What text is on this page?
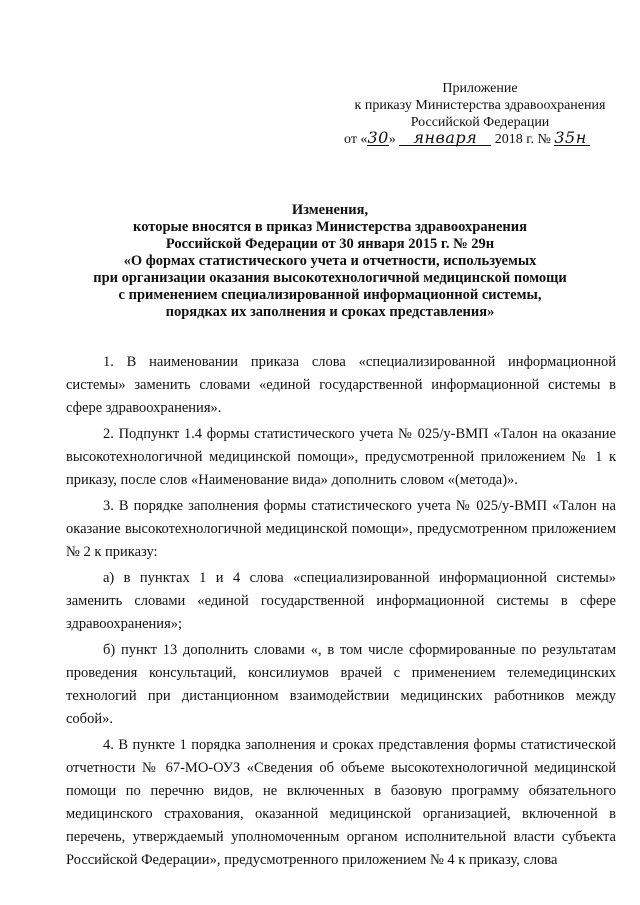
Приложение
к приказу Министерства здравоохранения
Российской Федерации
от «30» января 2018 г. № 35н
Изменения,
которые вносятся в приказ Министерства здравоохранения
Российской Федерации от 30 января 2015 г. № 29н
«О формах статистического учета и отчетности, используемых
при организации оказания высокотехнологичной медицинской помощи
с применением специализированной информационной системы,
порядках их заполнения и сроках представления»

1. В наименовании приказа слова «специализированной информационной системы» заменить словами «единой государственной информационной системы в сфере здравоохранения».

2. Подпункт 1.4 формы статистического учета № 025/у-ВМП «Талон на оказание высокотехнологичной медицинской помощи», предусмотренной приложением № 1 к приказу, после слов «Наименование вида» дополнить словом «(метода)».

3. В порядке заполнения формы статистического учета № 025/у-ВМП «Талон на оказание высокотехнологичной медицинской помощи», предусмотренном приложением № 2 к приказу:

а) в пунктах 1 и 4 слова «специализированной информационной системы» заменить словами «единой государственной информационной системы в сфере здравоохранения»;

б) пункт 13 дополнить словами «, в том числе сформированные по результатам проведения консультаций, консилиумов врачей с применением телемедицинских технологий при дистанционном взаимодействии медицинских работников между собой».

4. В пункте 1 порядка заполнения и сроках представления формы статистической отчетности № 67-МО-ОУЗ «Сведения об объеме высокотехнологичной медицинской помощи по перечню видов, не включенных в базовую программу обязательного медицинского страхования, оказанной медицинской организацией, включенной в перечень, утверждаемый уполномоченным органом исполнительной власти субъекта Российской Федерации», предусмотренного приложением № 4 к приказу, слова
